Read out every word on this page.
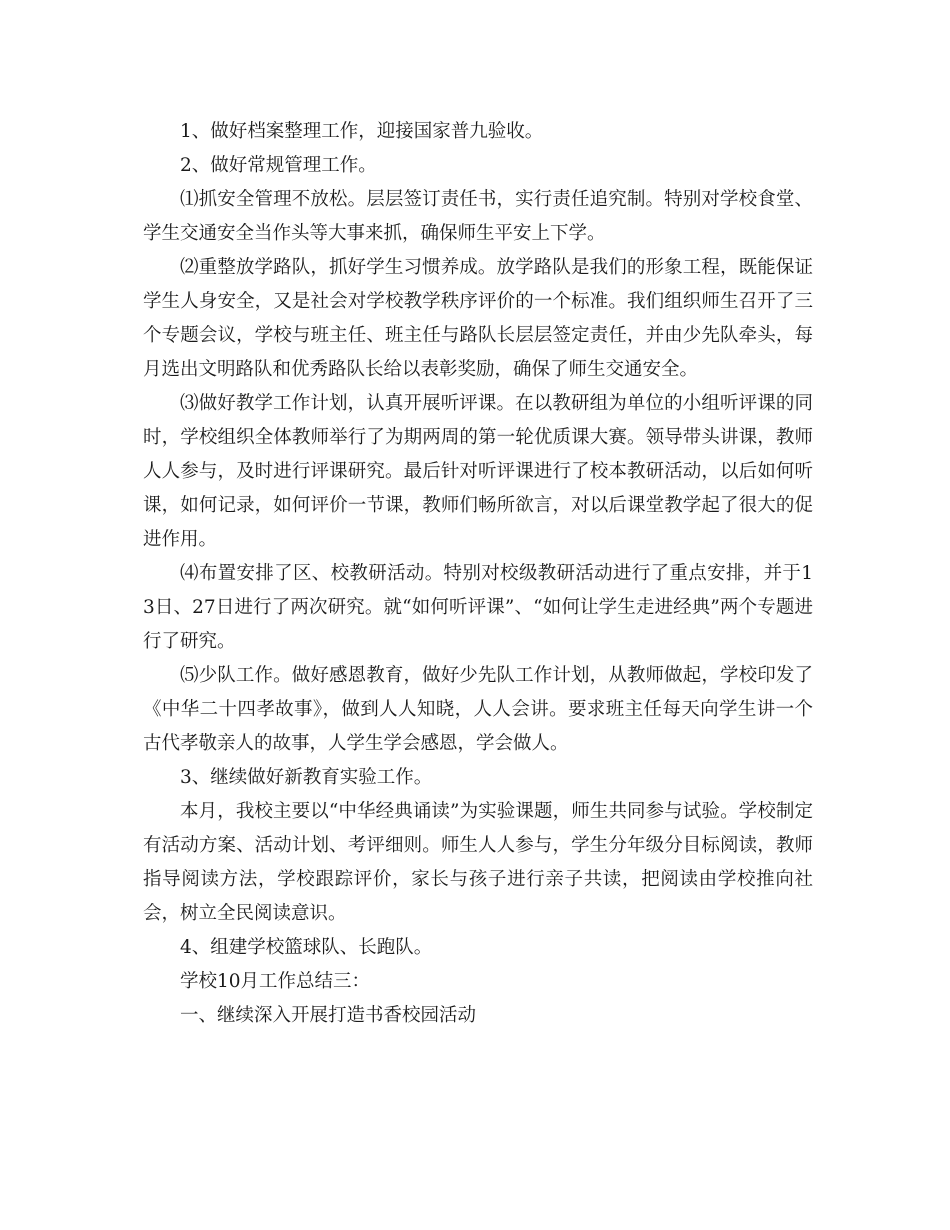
1、做好档案整理工作，迎接国家普九验收。

2、做好常规管理工作。

⑴抓安全管理不放松。层层签订责任书，实行责任追究制。特别对学校食堂、学生交通安全当作头等大事来抓，确保师生平安上下学。

⑵重整放学路队，抓好学生习惯养成。放学路队是我们的形象工程，既能保证学生人身安全，又是社会对学校教学秩序评价的一个标准。我们组织师生召开了三个专题会议，学校与班主任、班主任与路队长层层签定责任，并由少先队牵头，每月选出文明路队和优秀路队长给以表彰奖励，确保了师生交通安全。

⑶做好教学工作计划，认真开展听评课。在以教研组为单位的小组听评课的同时，学校组织全体教师举行了为期两周的第一轮优质课大赛。领导带头讲课，教师人人参与，及时进行评课研究。最后针对听评课进行了校本教研活动，以后如何听课，如何记录，如何评价一节课，教师们畅所欲言，对以后课堂教学起了很大的促进作用。

⑷布置安排了区、校教研活动。特别对校级教研活动进行了重点安排，并于13日、27日进行了两次研究。就“如何听评课”、“如何让学生走进经典”两个专题进行了研究。

⑸少队工作。做好感恩教育，做好少先队工作计划，从教师做起，学校印发了《中华二十四孝故事》，做到人人知晓，人人会讲。要求班主任每天向学生讲一个古代孝敬亲人的故事，人学生学会感恩，学会做人。

3、继续做好新教育实验工作。

本月，我校主要以“中华经典诵读”为实验课题，师生共同参与试验。学校制定有活动方案、活动计划、考评细则。师生人人参与，学生分年级分目标阅读，教师指导阅读方法，学校跟踪评价，家长与孩子进行亲子共读，把阅读由学校推向社会，树立全民阅读意识。

4、组建学校篮球队、长跑队。

学校10月工作总结三：

一、继续深入开展打造书香校园活动
